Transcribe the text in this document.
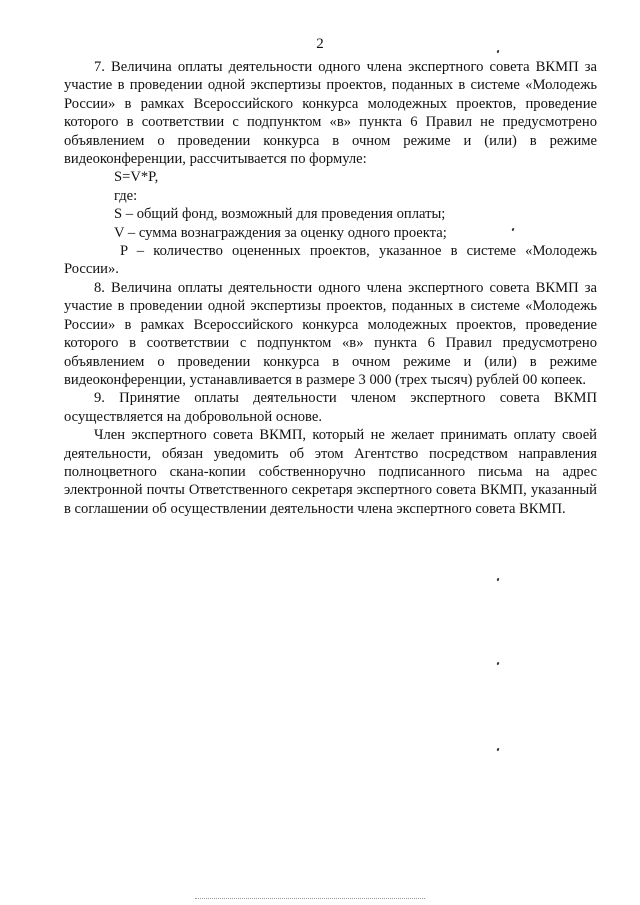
2

7. Величина оплаты деятельности одного члена экспертного совета ВКМП за участие в проведении одной экспертизы проектов, поданных в системе «Молодежь России» в рамках Всероссийского конкурса молодежных проектов, проведение которого в соответствии с подпунктом «в» пункта 6 Правил не предусмотрено объявлением о проведении конкурса в очном режиме и (или) в режиме видеоконференции, рассчитывается по формуле:

S=V*P,

где:

S – общий фонд, возможный для проведения оплаты;

V – сумма вознаграждения за оценку одного проекта;

P – количество оцененных проектов, указанное в системе «Молодежь России».

8. Величина оплаты деятельности одного члена экспертного совета ВКМП за участие в проведении одной экспертизы проектов, поданных в системе «Молодежь России» в рамках Всероссийского конкурса молодежных проектов, проведение которого в соответствии с подпунктом «в» пункта 6 Правил предусмотрено объявлением о проведении конкурса в очном режиме и (или) в режиме видеоконференции, устанавливается в размере 3 000 (трех тысяч) рублей 00 копеек.

9. Принятие оплаты деятельности членом экспертного совета ВКМП осуществляется на добровольной основе.

Член экспертного совета ВКМП, который не желает принимать оплату своей деятельности, обязан уведомить об этом Агентство посредством направления полноцветного скана-копии собственноручно подписанного письма на адрес электронной почты Ответственного секретаря экспертного совета ВКМП, указанный в соглашении об осуществлении деятельности члена экспертного совета ВКМП.
